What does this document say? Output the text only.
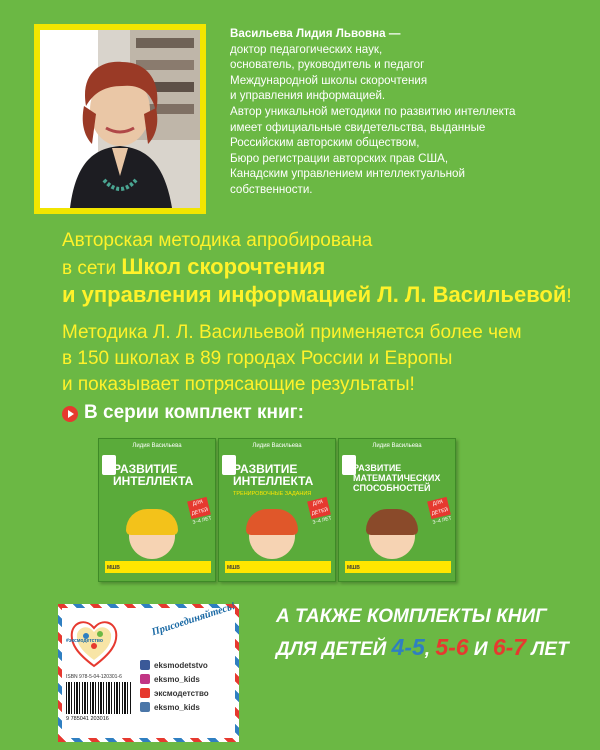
Васильева Лидия Львовна —

доктор педагогических наук,

основатель, руководитель и педагог

Международной школы скорочтения

и управления информацией.

Автор уникальной методики по развитию интеллекта

имеет официальные свидетельства, выданные

Российским авторским обществом,

Бюро регистрации авторских прав США,

Канадским управлением интеллектуальной

собственности.

Авторская методика апробирована

в сети Школ скорочтения

и управления информацией Л. Л. Васильевой!

Методика Л. Л. Васильевой применяется более чем

в 150 школах в 89 городах России и Европы

и показывает потрясающие результаты!

В серии комплект книг:
Лидия Васильева
РАЗВИТИЕ ИНТЕЛЛЕКТА
ДЛЯ ДЕТЕЙ 3–4 ЛЕТ
МШВ
Лидия Васильева
РАЗВИТИЕ ИНТЕЛЛЕКТА
ТРЕНИРОВОЧНЫЕ ЗАДАНИЯ
ДЛЯ ДЕТЕЙ 3–4 ЛЕТ
МШВ
Лидия Васильева
РАЗВИТИЕ МАТЕМАТИЧЕСКИХ СПОСОБНОСТЕЙ
ДЛЯ ДЕТЕЙ 3–4 ЛЕТ
МШВ
#эксмодетство
Присоединяйтесь!
eksmodetstvo
eksmo_kids
эксмодетство
eksmo_kids
ISBN 978-5-04-120301-6
9 785041 203016

А ТАКЖЕ КОМПЛЕКТЫ КНИГ

ДЛЯ ДЕТЕЙ 4-5, 5-6 И 6-7 ЛЕТ
